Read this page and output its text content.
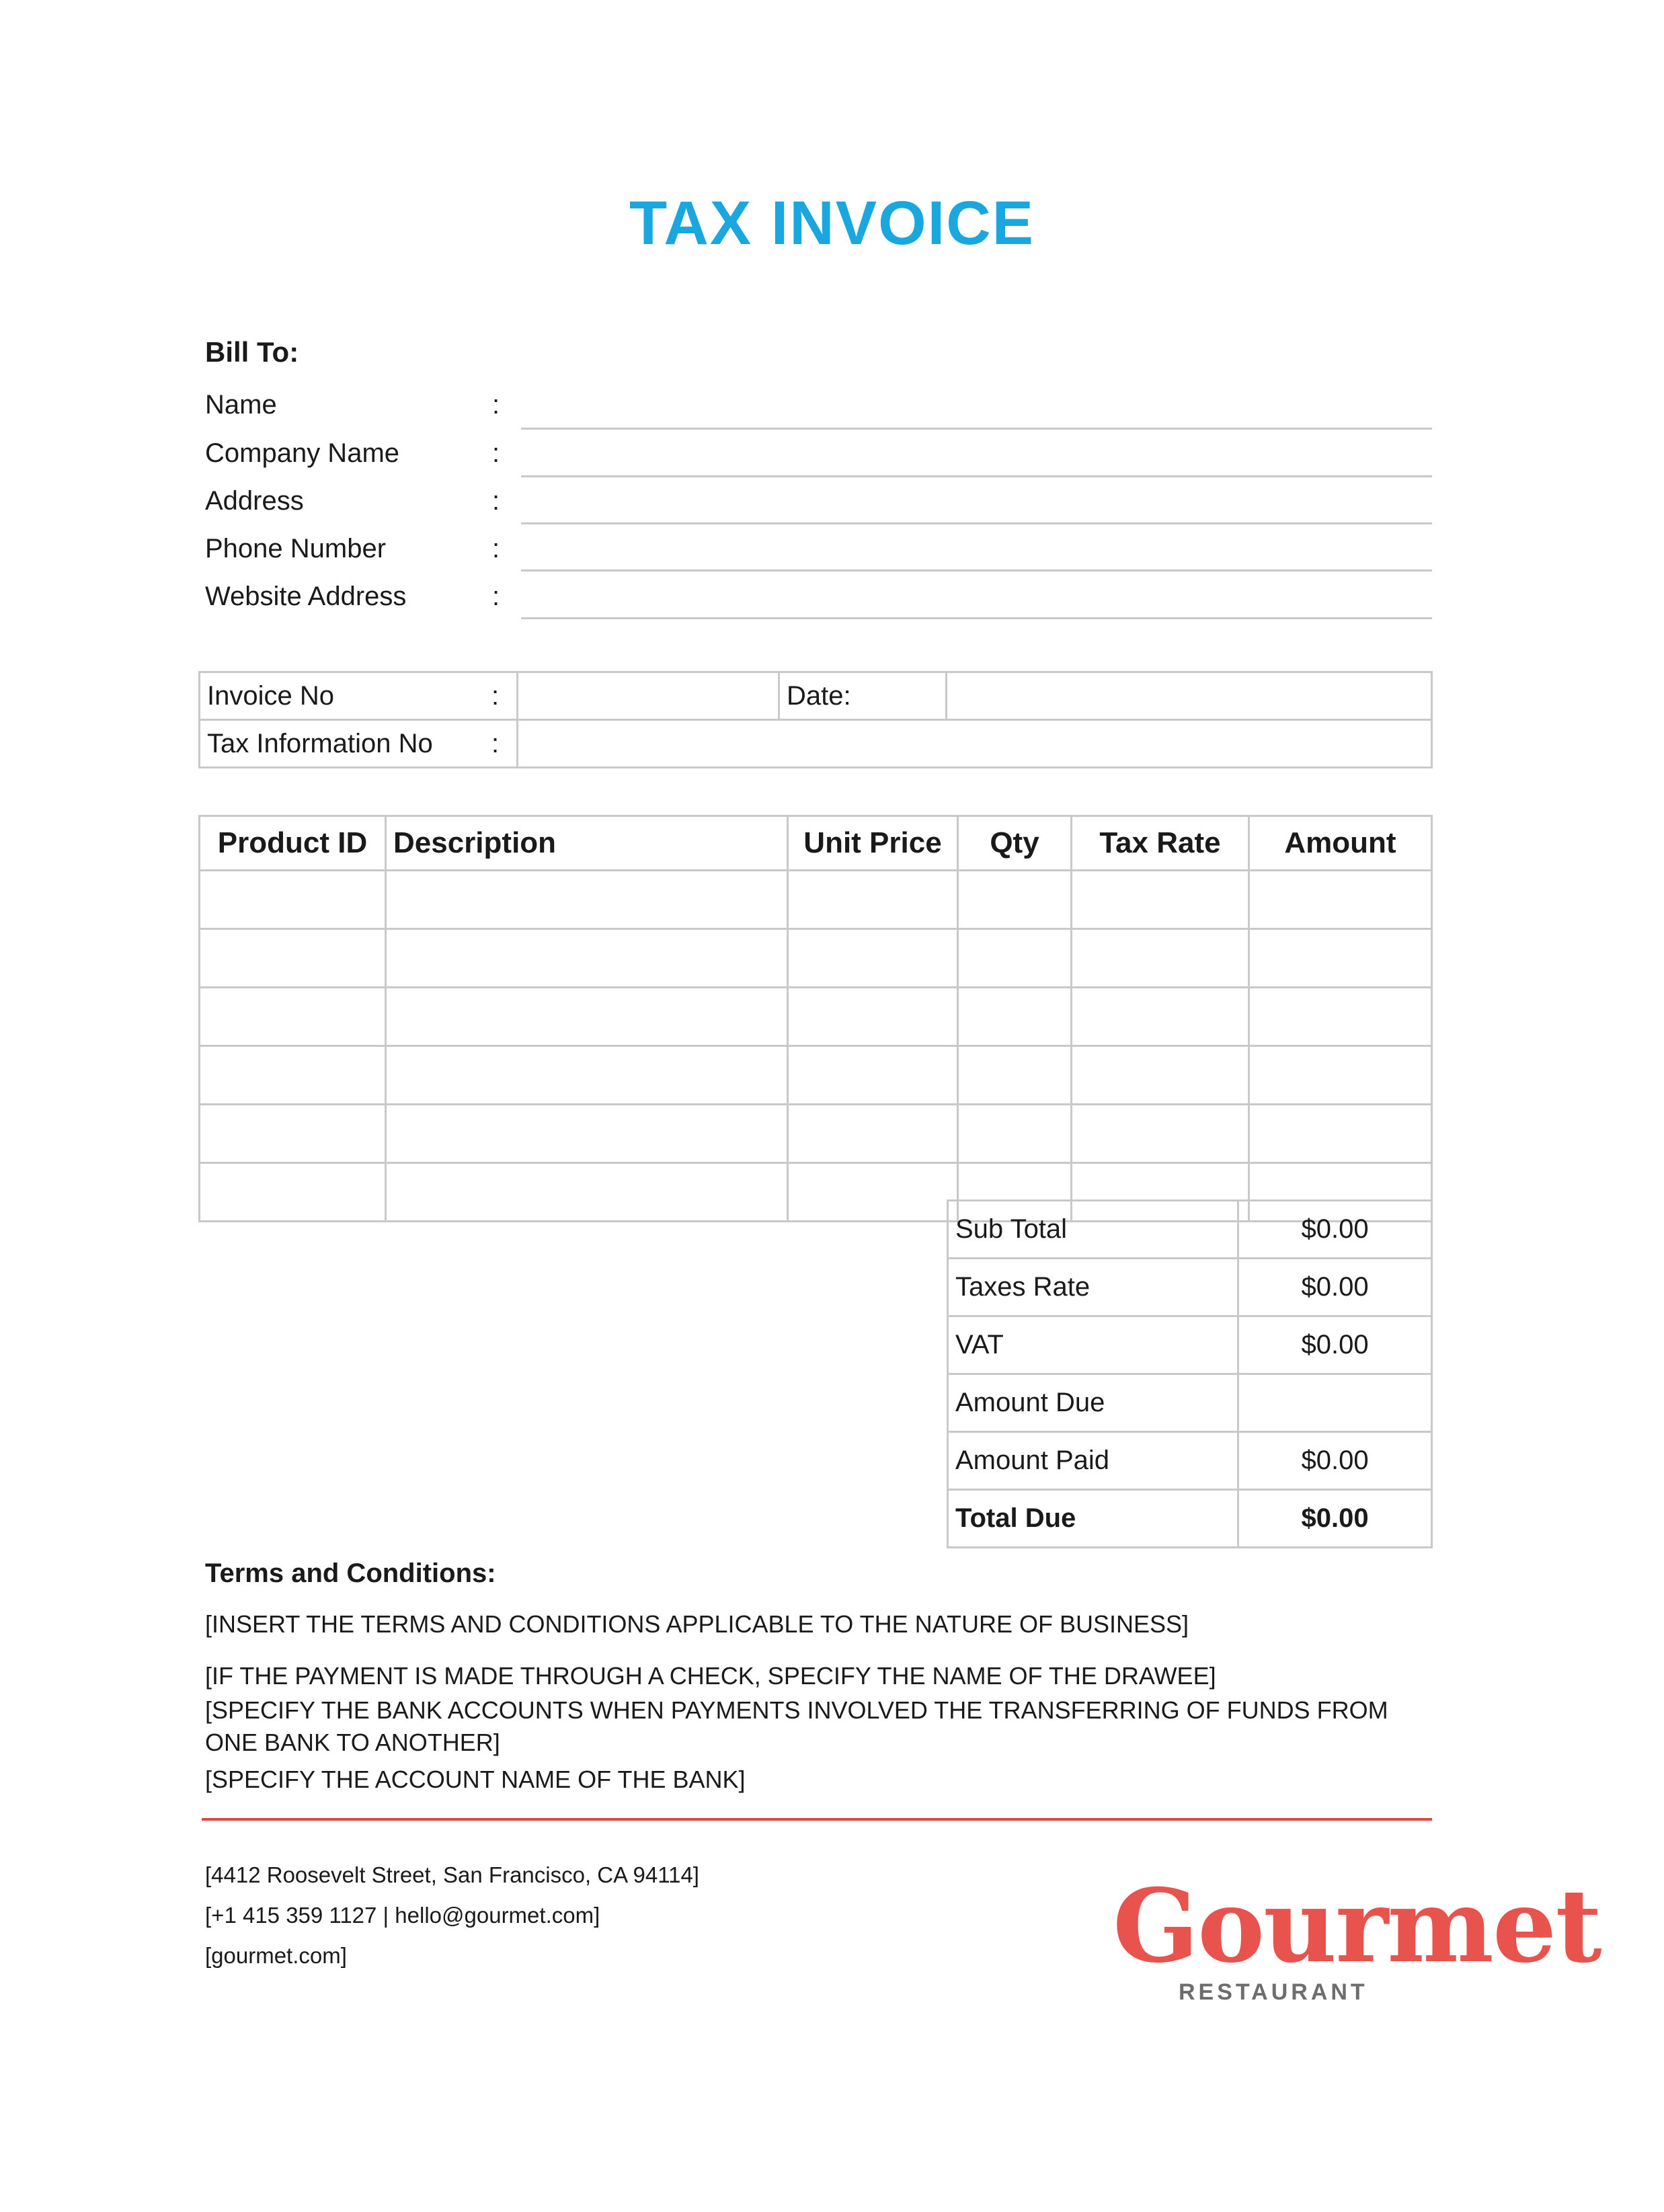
TAX INVOICE
Bill To:
Name	:
Company Name	:
Address	:
Phone Number	:
Website Address	:
Invoice No :		Date:	
Tax Information No :			

Product ID	Description	Unit Price	Qty	Tax Rate	Amount

Sub Total	$0.00
Taxes Rate	$0.00
VAT	$0.00
Amount Due	
Amount Paid	$0.00
Total Due	$0.00
Terms and Conditions:
[INSERT THE TERMS AND CONDITIONS APPLICABLE TO THE NATURE OF BUSINESS]
[IF THE PAYMENT IS MADE THROUGH A CHECK, SPECIFY THE NAME OF THE DRAWEE]
[SPECIFY THE BANK ACCOUNTS WHEN PAYMENTS INVOLVED THE TRANSFERRING OF FUNDS FROM ONE BANK TO ANOTHER]
[SPECIFY THE ACCOUNT NAME OF THE BANK]
[4412 Roosevelt Street, San Francisco, CA 94114]
[+1 415 359 1127 | hello@gourmet.com]
[gourmet.com]	Gourmet
RESTAURANT
